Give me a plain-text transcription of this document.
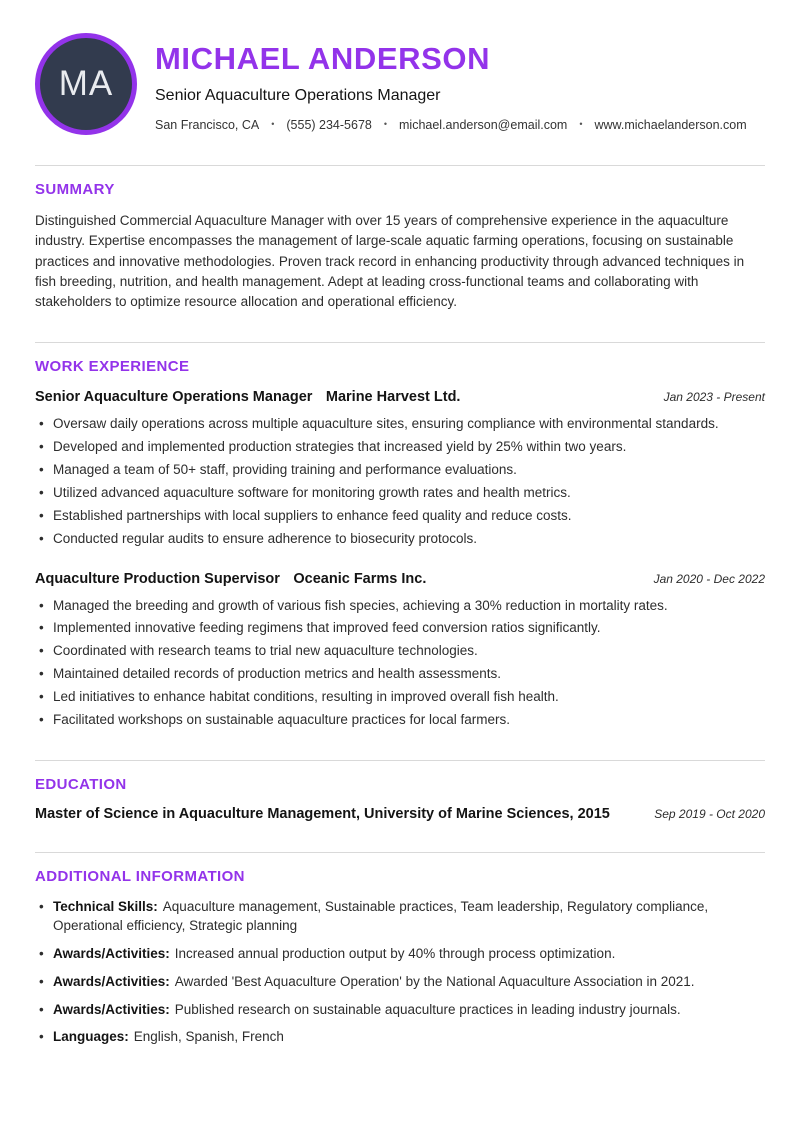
MA
MICHAEL ANDERSON
Senior Aquaculture Operations Manager
San Francisco, CA • (555) 234-5678 • michael.anderson@email.com • www.michaelanderson.com
SUMMARY

Distinguished Commercial Aquaculture Manager with over 15 years of comprehensive experience in the aquaculture industry. Expertise encompasses the management of large-scale aquatic farming operations, focusing on sustainable practices and innovative methodologies. Proven track record in enhancing productivity through advanced techniques in fish breeding, nutrition, and health management. Adept at leading cross-functional teams and collaborating with stakeholders to optimize resource allocation and operational efficiency.

WORK EXPERIENCE
Senior Aquaculture Operations Manager Marine Harvest Ltd.	Jan 2023 - Present
• Oversaw daily operations across multiple aquaculture sites, ensuring compliance with environmental standards.
• Developed and implemented production strategies that increased yield by 25% within two years.
• Managed a team of 50+ staff, providing training and performance evaluations.
• Utilized advanced aquaculture software for monitoring growth rates and health metrics.
• Established partnerships with local suppliers to enhance feed quality and reduce costs.
• Conducted regular audits to ensure adherence to biosecurity protocols.
Aquaculture Production Supervisor Oceanic Farms Inc.	Jan 2020 - Dec 2022
• Managed the breeding and growth of various fish species, achieving a 30% reduction in mortality rates.
• Implemented innovative feeding regimens that improved feed conversion ratios significantly.
• Coordinated with research teams to trial new aquaculture technologies.
• Maintained detailed records of production metrics and health assessments.
• Led initiatives to enhance habitat conditions, resulting in improved overall fish health.
• Facilitated workshops on sustainable aquaculture practices for local farmers.
EDUCATION
Master of Science in Aquaculture Management, University of Marine Sciences, 2015	Sep 2019 - Oct 2020
ADDITIONAL INFORMATION
• Technical Skills: Aquaculture management, Sustainable practices, Team leadership, Regulatory compliance, Operational efficiency, Strategic planning
• Awards/Activities: Increased annual production output by 40% through process optimization.
• Awards/Activities: Awarded 'Best Aquaculture Operation' by the National Aquaculture Association in 2021.
• Awards/Activities: Published research on sustainable aquaculture practices in leading industry journals.
• Languages: English, Spanish, French
